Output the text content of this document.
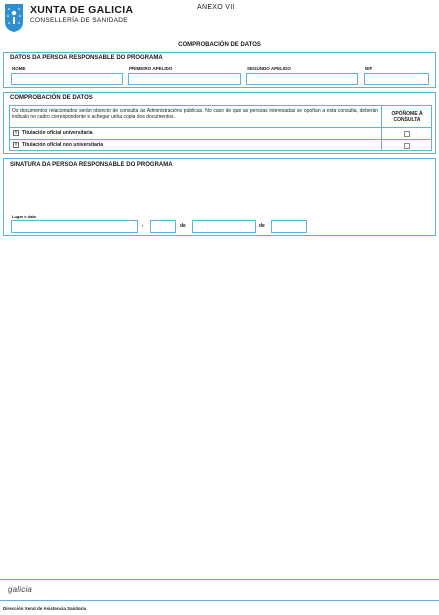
XUNTA DE GALICIA
CONSELLERÍA DE SANIDADE
ANEXO VII
COMPROBACIÓN DE DATOS
DATOS DA PERSOA RESPONSABLE DO PROGRAMA
NOME	PRIMEIRO APELIDO	SEGUNDO APELIDO	NIF
COMPROBACIÓN DE DATOS
Os documentos relacionados serán obxecto de consulta ás Administracións públicas. No caso de que as persoas interesadas se opoñan a esta consulta, deberán indicalo no cadro correspondente e achegar unha copia dos documentos.	OPÓÑOME Á CONSULTA
× Titulación oficial universitaria
× Titulación oficial non universitaria
SINATURA DA PERSOA RESPONSABLE DO PROGRAMA
Lugar e data
,	de	de
galicia
Dirección Xeral de Asistencia Sanitaria
